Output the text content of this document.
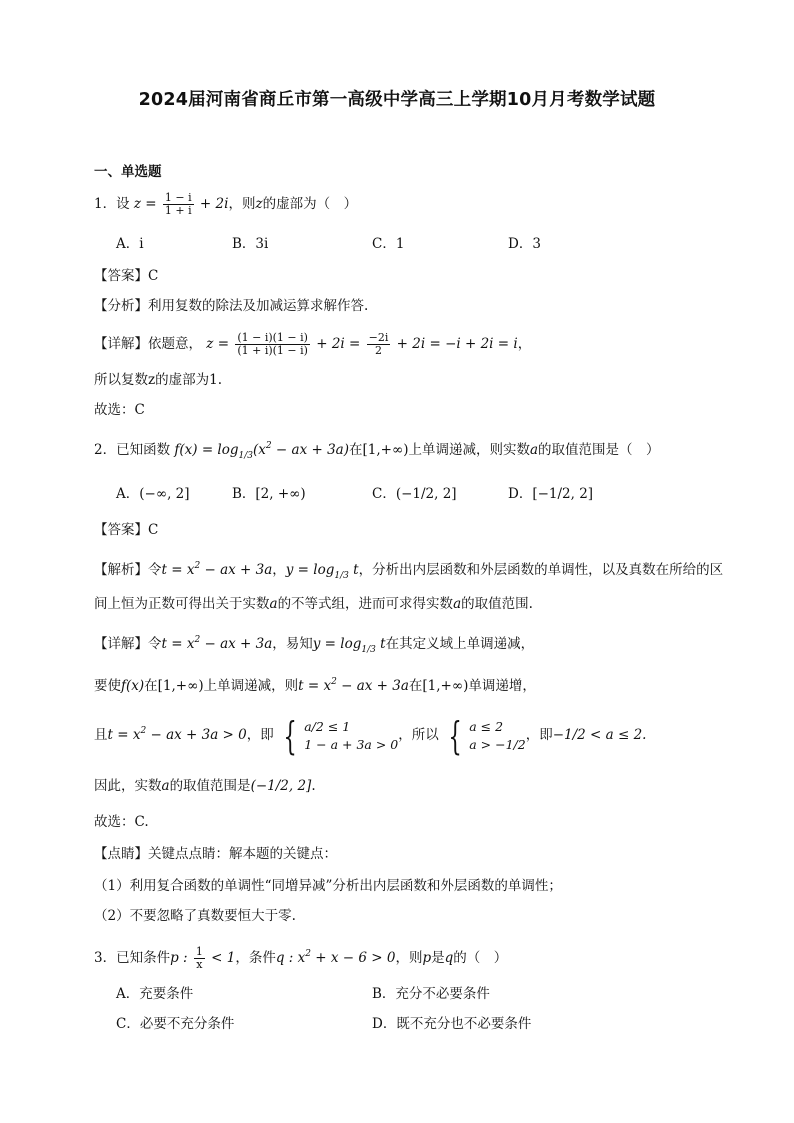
2024届河南省商丘市第一高级中学高三上学期10月月考数学试题
一、单选题
1．设 $z = \frac{1 - i}{1 + i} + 2i$，则z的虚部为（　）
A．i	B．3i	C．1	D．3
【答案】C
【分析】利用复数的除法及加减运算求解作答.
【详解】依题意， $z = \frac{(1 - i)(1 - i)}{(1 + i)(1 - i)} + 2i = \frac{-2i}{2} + 2i = -i + 2i = i$，
所以复数z的虚部为1.
故选：C
2．已知函数 $f(x) = \log_{1/3}(x^2$ − ax + 3a)在[1,+∞)上单调递减，则实数a的取值范围是（　）
A．(−∞, 2]	B．[2, +∞)	C．(−1/2, 2]	D．[−1/2, 2]
【答案】C
【解析】令$t = x^2$ − ax + 3a，$y = \log_{1/3} t$，分析出内层函数和外层函数的单调性，以及真数在所给的区
间上恒为正数可得出关于实数a的不等式组，进而可求得实数a的取值范围.
【详解】令$t = x^2$ − ax + 3a，易知$y = \log_{1/3} t$在其定义域上单调递减，
要使f(x)在[1,+∞)上单调递减，则$t = x^2$ − ax + 3a在[1,+∞)单调递增，
且$t = x^2$ − ax + 3a > 0，即 { a/2 ≤ 1
1 − a + 3a > 0
，所以 { a ≤ 2
a > −1/2
，即−1/2 < a ≤ 2.
因此，实数a的取值范围是(−1/2, 2].
故选：C.
【点睛】关键点点睛：解本题的关键点：
（1）利用复合函数的单调性“同增异减”分析出内层函数和外层函数的单调性；
（2）不要忽略了真数要恒大于零.
3．已知条件p : $\frac{1}{x} < 1$，条件q : $x^2 + x - 6 > 0$，则p是q的（　）
A．充要条件	B．充分不必要条件
C．必要不充分条件	D．既不充分也不必要条件
